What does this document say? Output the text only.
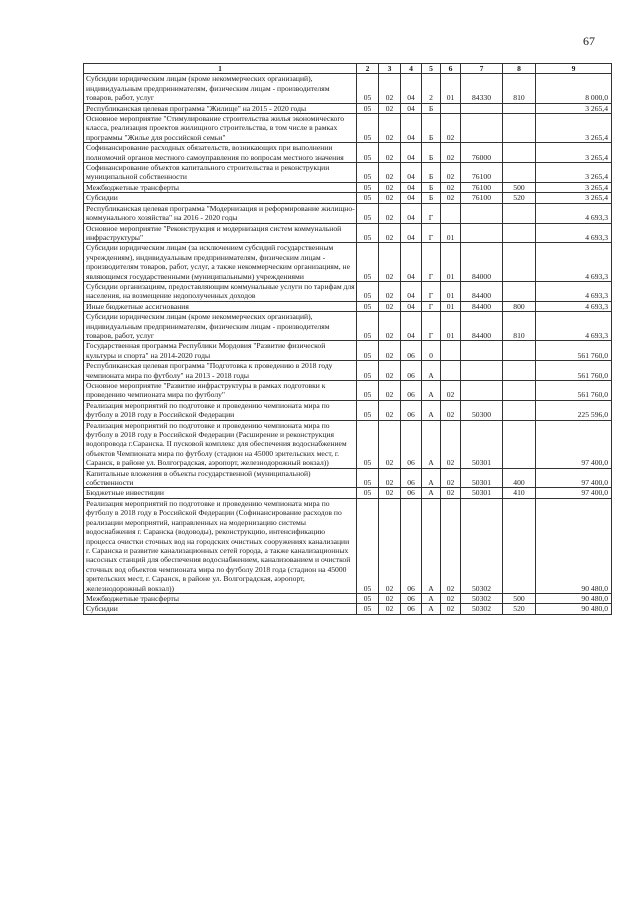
67
1	2	3	4	5	6	7	8	9
Субсидии юридическим лицам (кроме некоммерческих организаций), индивидуальным предпринимателям, физическим лицам - производителям товаров, работ, услуг	05	02	04	2	01	84330	810	8 000,0
Республиканская целевая программа "Жилище" на 2015 - 2020 годы	05	02	04	Б				3 265,4
Основное мероприятие "Стимулирование строительства жилья экономического класса, реализация проектов жилищного строительства, в том числе в рамках программы "Жилье для российской семьи"	05	02	04	Б	02			3 265,4
Софинансирование расходных обязательств, возникающих при выполнении полномочий органов местного самоуправления по вопросам местного значения	05	02	04	Б	02	76000		3 265,4
Софинансирование объектов капитального строительства и реконструкции муниципальной собственности	05	02	04	Б	02	76100		3 265,4
Межбюджетные трансферты	05	02	04	Б	02	76100	500	3 265,4
Субсидии	05	02	04	Б	02	76100	520	3 265,4
Республиканская целевая программа "Модернизация и реформирование жилищно-коммунального хозяйства" на 2016 - 2020 годы	05	02	04	Г				4 693,3
Основное мероприятие "Реконструкция и модернизация систем коммунальной инфраструктуры"	05	02	04	Г	01			4 693,3
Субсидии юридическим лицам (за исключением субсидий государственным учреждениям), индивидуальным предпринимателям, физическим лицам - производителям товаров, работ, услуг, а также некоммерческим организациям, не являющимся государственными (муниципальными) учреждениями	05	02	04	Г	01	84000		4 693,3
Субсидии организациям, предоставляющим коммунальные услуги по тарифам для населения, на возмещение недополученных доходов	05	02	04	Г	01	84400		4 693,3
Иные бюджетные ассигнования	05	02	04	Г	01	84400	800	4 693,3
Субсидии юридическим лицам (кроме некоммерческих организаций), индивидуальным предпринимателям, физическим лицам - производителям товаров, работ, услуг	05	02	04	Г	01	84400	810	4 693,3
Государственная программа Республики Мордовия "Развитие физической культуры и спорта" на 2014-2020 годы	05	02	06	0				561 760,0
Республиканская целевая программа "Подготовка к проведению в 2018 году чемпионата мира по футболу" на 2013 - 2018 годы	05	02	06	А				561 760,0
Основное мероприятие "Развитие инфраструктуры в рамках подготовки к проведению чемпионата мира по футболу"	05	02	06	А	02			561 760,0
Реализация мероприятий по подготовке и проведению чемпионата мира по футболу в 2018 году в Российской Федерации	05	02	06	А	02	50300		225 596,0
Реализация мероприятий по подготовке и проведению чемпионата мира по футболу в 2018 году в Российской Федерации (Расширение и реконструкция водопровода г.Саранска. II пусковой комплекс для обеспечения водоснабжением объектов Чемпионата мира по футболу (стадион на 45000 зрительских мест, г. Саранск, в районе ул. Волгоградская, аэропорт, железнодорожный вокзал))	05	02	06	А	02	50301		97 400,0
Капитальные вложения в объекты государственной (муниципальной) собственности	05	02	06	А	02	50301	400	97 400,0
Бюджетные инвестиции	05	02	06	А	02	50301	410	97 400,0
Реализация мероприятий по подготовке и проведению чемпионата мира по футболу в 2018 году в Российской Федерации (Софинансирование расходов по реализации мероприятий, направленных на модернизацию системы водоснабжения г. Саранска (водоводы), реконструкцию, интенсификацию процесса очистки сточных вод на городских очистных сооружениях канализации г. Саранска и развитие канализационных сетей города, а также канализационных насосных станций для обеспечения водоснабжением, канализованием и очисткой сточных вод объектов чемпионата мира по футболу 2018 года (стадион на 45000 зрительских мест, г. Саранск, в районе ул. Волгоградская, аэропорт, железнодорожный вокзал))	05	02	06	А	02	50302		90 480,0
Межбюджетные трансферты	05	02	06	А	02	50302	500	90 480,0
Субсидии	05	02	06	А	02	50302	520	90 480,0
